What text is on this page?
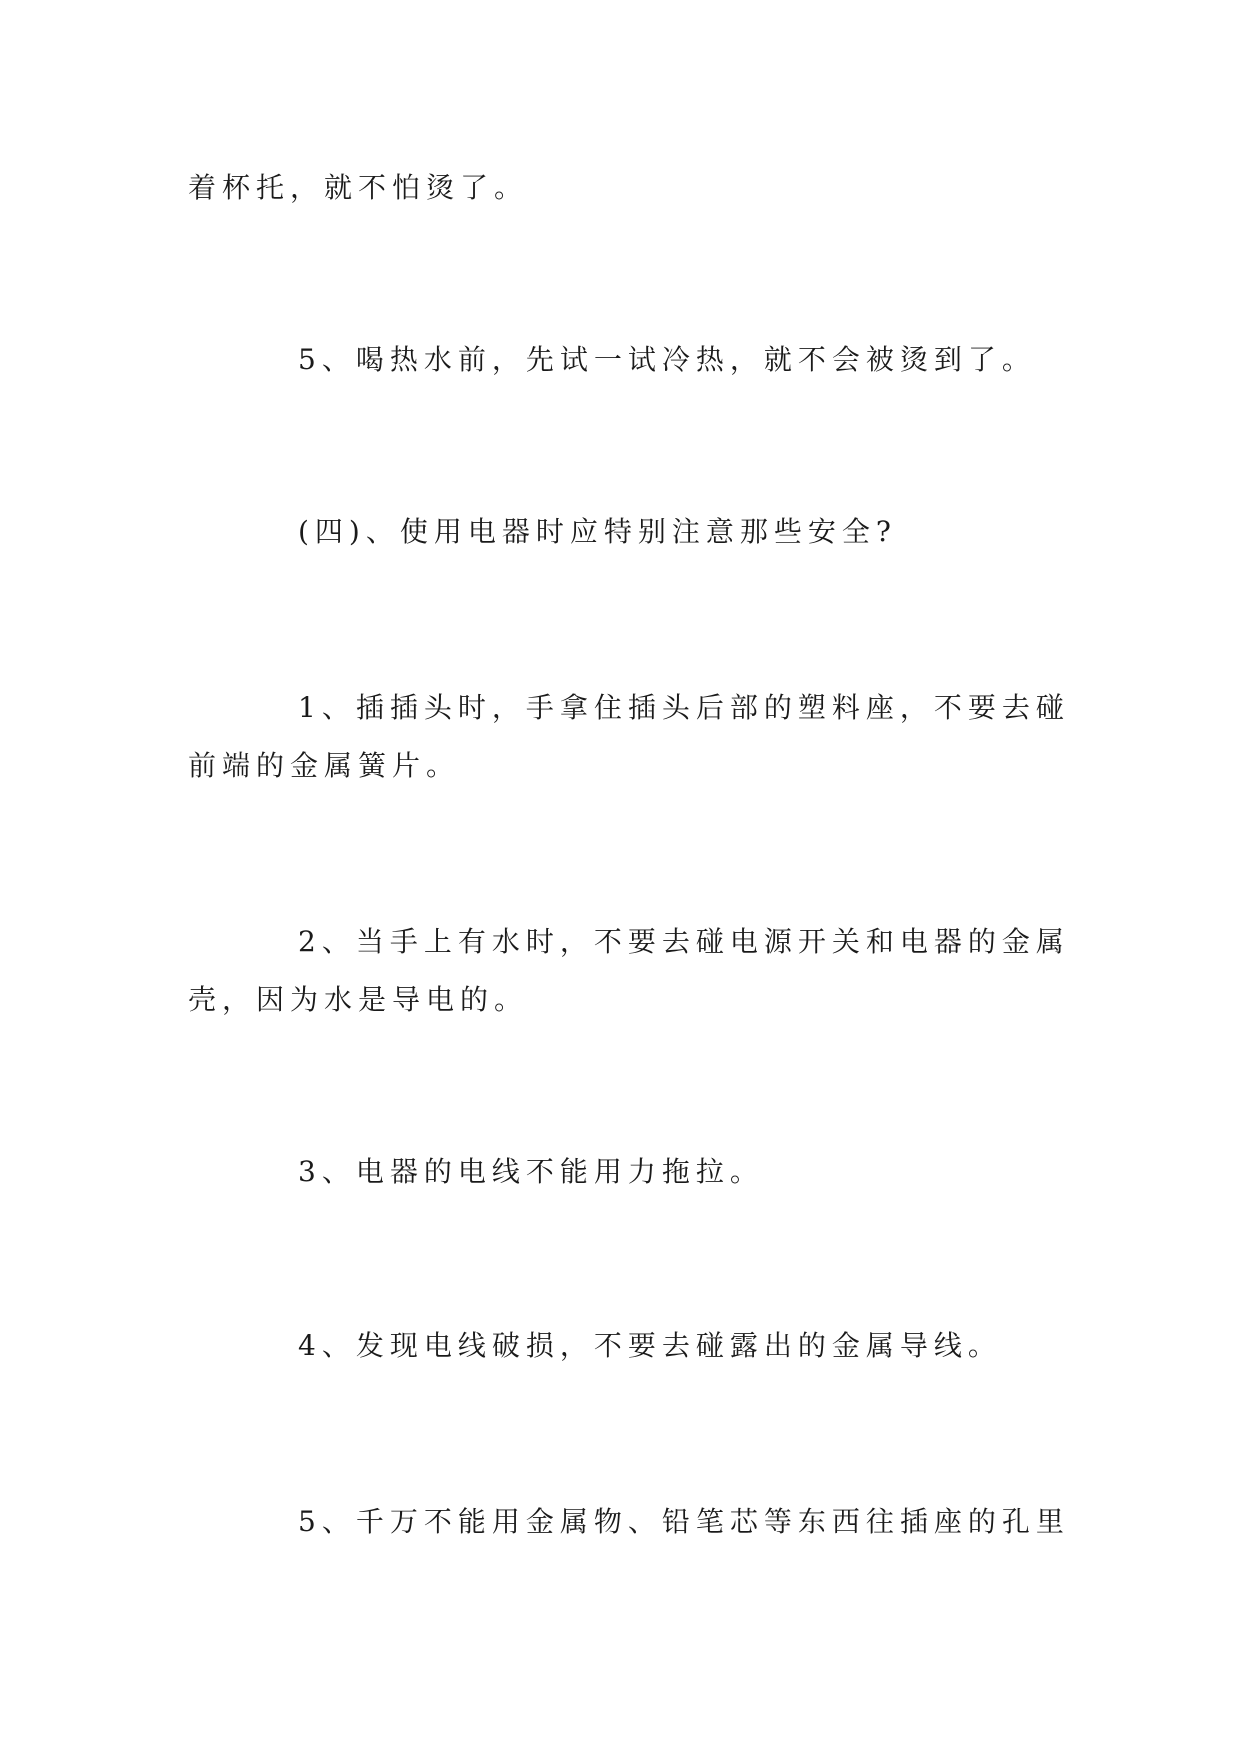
着杯托，就不怕烫了。

5、喝热水前，先试一试冷热，就不会被烫到了。

(四)、使用电器时应特别注意那些安全?

1、插插头时，手拿住插头后部的塑料座，不要去碰

前端的金属簧片。

2、当手上有水时，不要去碰电源开关和电器的金属

壳，因为水是导电的。

3、电器的电线不能用力拖拉。

4、发现电线破损，不要去碰露出的金属导线。

5、千万不能用金属物、铅笔芯等东西往插座的孔里
